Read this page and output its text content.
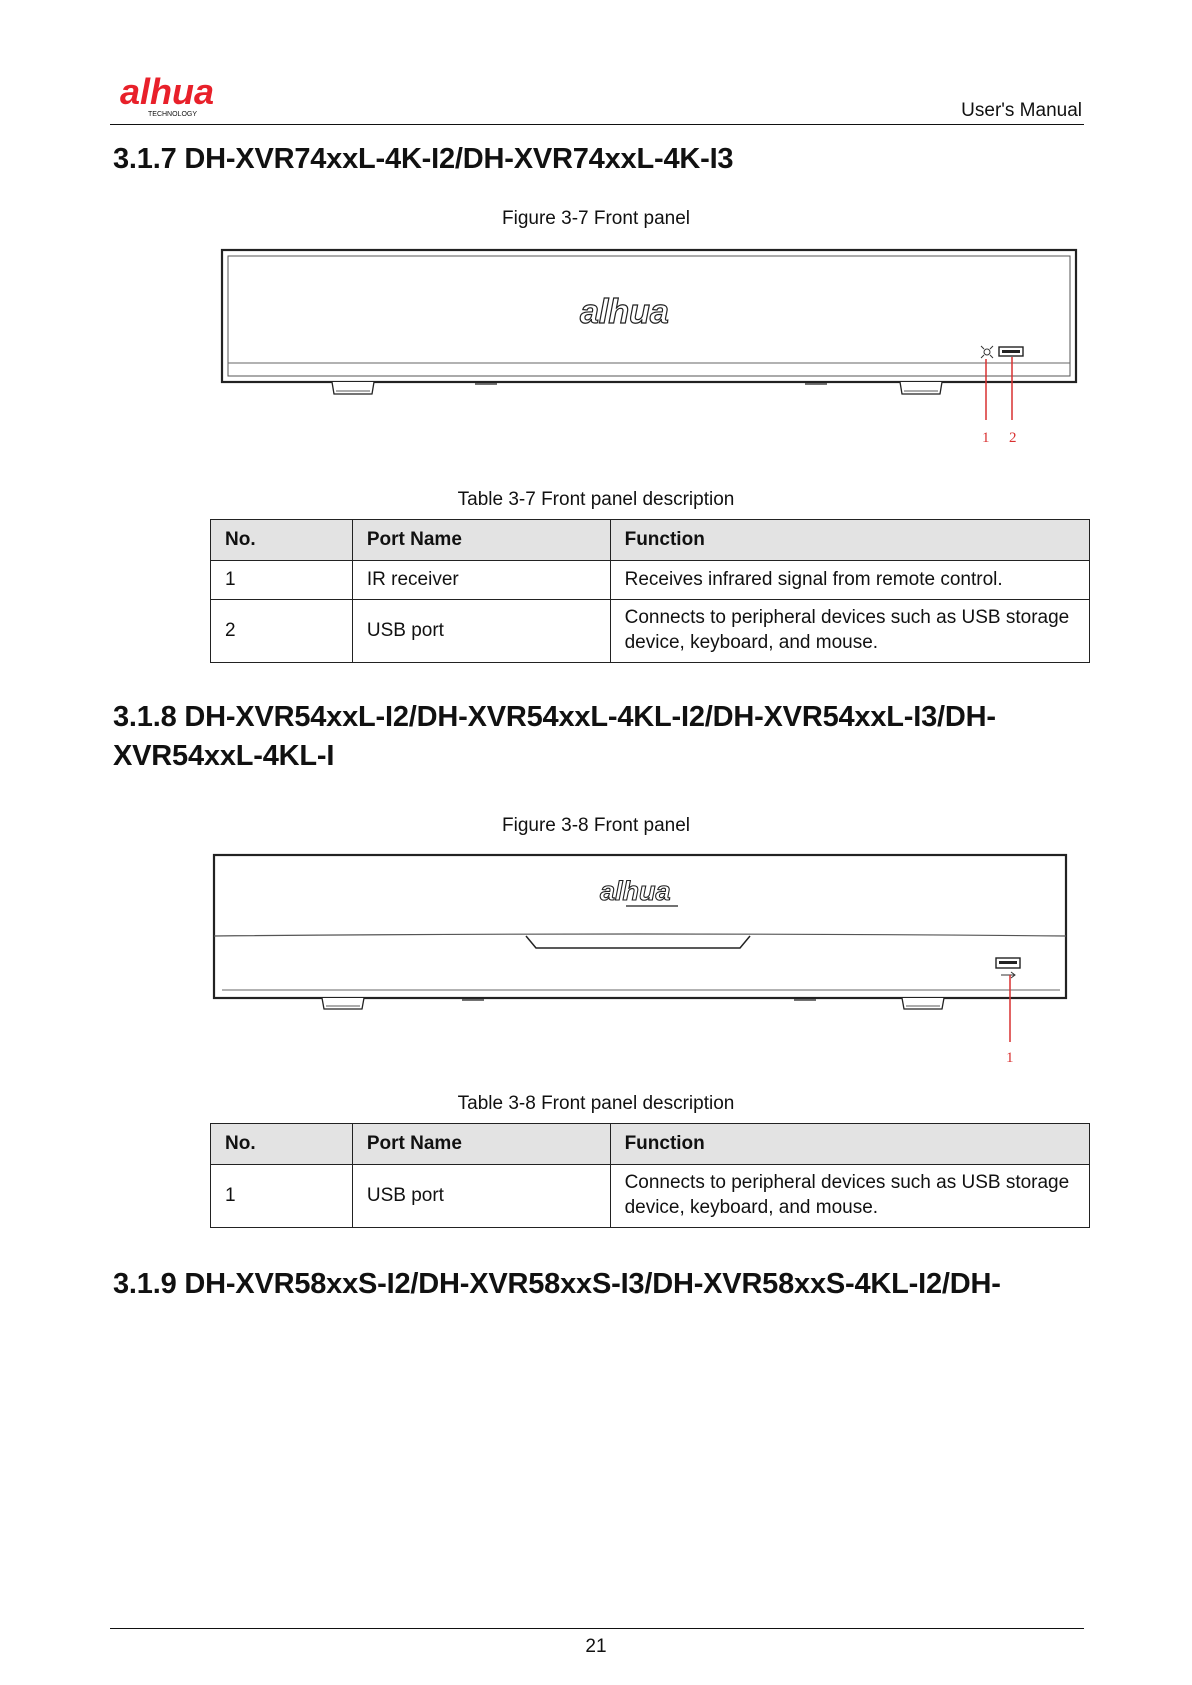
alhua
TECHNOLOGY	User's Manual
3.1.7 DH-XVR74xxL-4K-I2/DH-XVR74xxL-4K-I3
Figure 3-7 Front panel
alhua
1 2
Table 3-7 Front panel description
No.	Port Name	Function
1	IR receiver	Receives infrared signal from remote control.
2	USB port	Connects to peripheral devices such as USB storage device, keyboard, and mouse.
3.1.8 DH-XVR54xxL-I2/DH-XVR54xxL-4KL-I2/DH-XVR54xxL-I3/DH-
XVR54xxL-4KL-I
Figure 3-8 Front panel
alhua
1
Table 3-8 Front panel description
No.	Port Name	Function
1	USB port	Connects to peripheral devices such as USB storage device, keyboard, and mouse.
3.1.9 DH-XVR58xxS-I2/DH-XVR58xxS-I3/DH-XVR58xxS-4KL-I2/DH-
21
